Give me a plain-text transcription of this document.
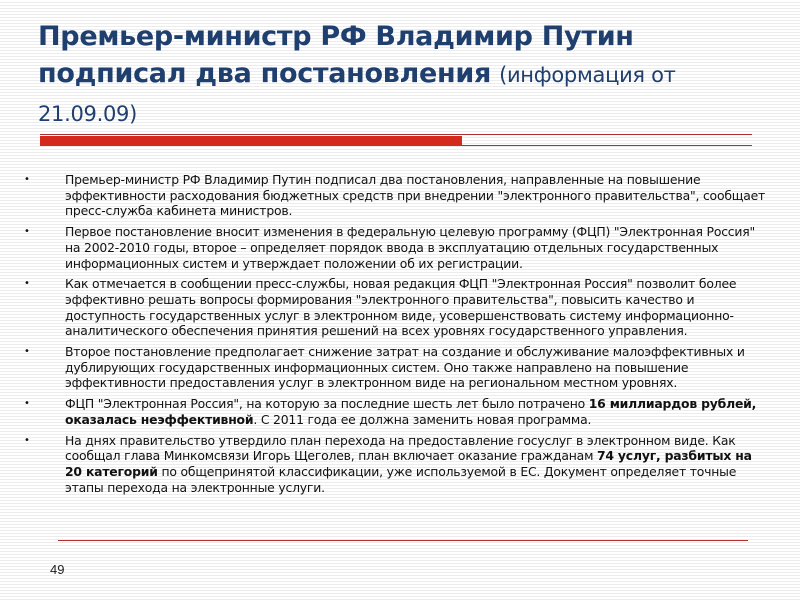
Премьер-министр РФ Владимир Путин подписал два постановления (информация от 21.09.09)
•	Премьер-министр РФ Владимир Путин подписал два постановления, направленные на повышение эффективности расходования бюджетных средств при внедрении "электронного правительства", сообщает пресс-служба кабинета министров.
•	Первое постановление вносит изменения в федеральную целевую программу (ФЦП) "Электронная Россия" на 2002-2010 годы, второе – определяет порядок ввода в эксплуатацию отдельных государственных информационных систем и утверждает положении об их регистрации.
•	Как отмечается в сообщении пресс-службы, новая редакция ФЦП "Электронная Россия" позволит более эффективно решать вопросы формирования "электронного правительства", повысить качество и доступность государственных услуг в электронном виде, усовершенствовать систему информационно-аналитического обеспечения принятия решений на всех уровнях государственного управления.
•	Второе постановление предполагает снижение затрат на создание и обслуживание малоэффективных и дублирующих государственных информационных систем. Оно также направлено на повышение эффективности предоставления услуг в электронном виде на региональном местном уровнях.
•	ФЦП "Электронная Россия", на которую за последние шесть лет было потрачено 16 миллиардов рублей, оказалась неэффективной. С 2011 года ее должна заменить новая программа.
•	На днях правительство утвердило план перехода на предоставление госуслуг в электронном виде. Как сообщал глава Минкомсвязи Игорь Щеголев, план включает оказание гражданам 74 услуг, разбитых на 20 категорий по общепринятой классификации, уже используемой в ЕС. Документ определяет точные этапы перехода на электронные услуги.
49
